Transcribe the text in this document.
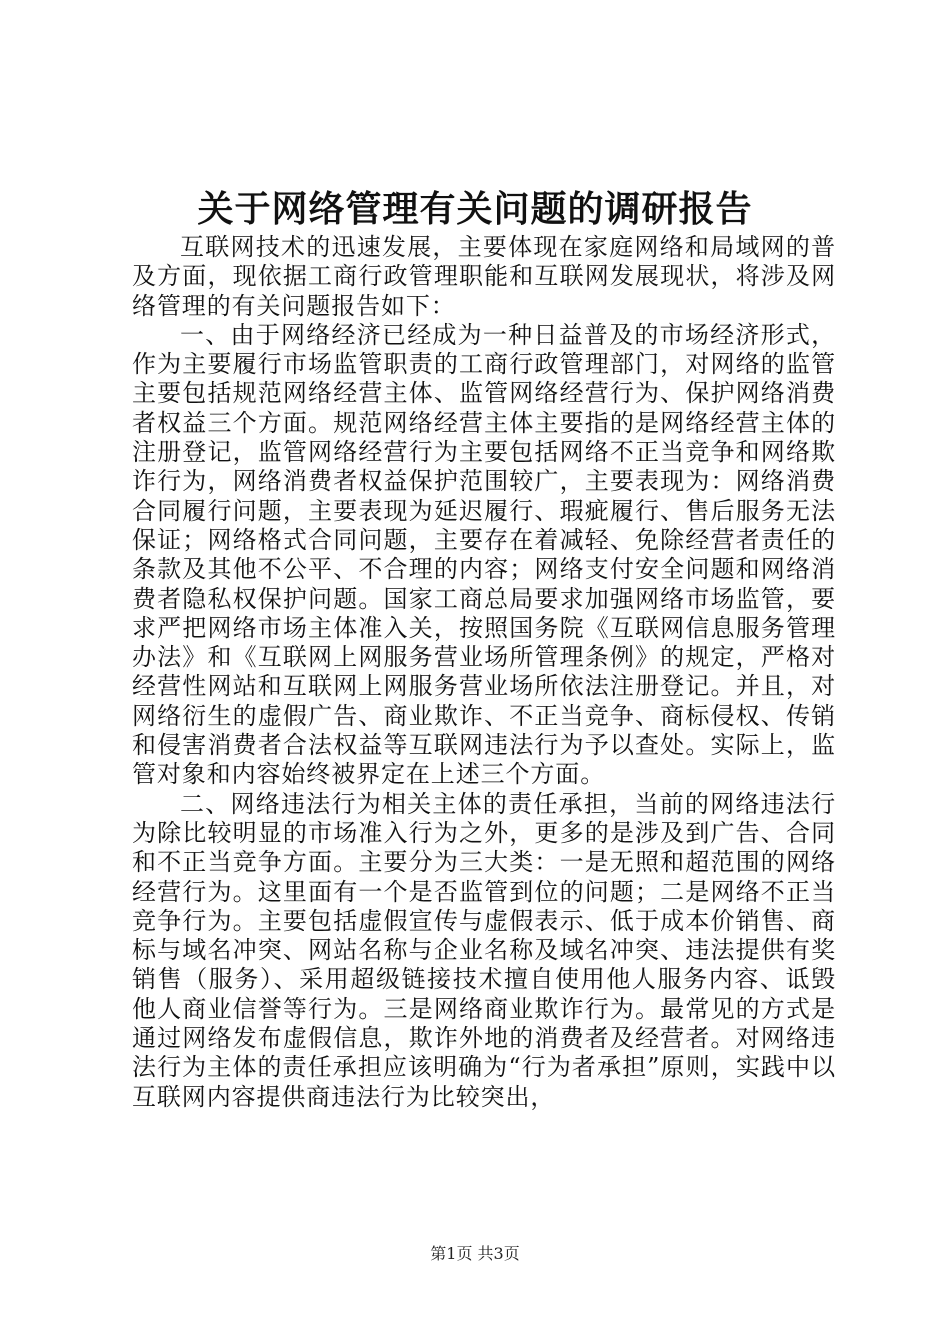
关于网络管理有关问题的调研报告

互联网技术的迅速发展，主要体现在家庭网络和局域网的普及方面，现依据工商行政管理职能和互联网发展现状，将涉及网络管理的有关问题报告如下：

一、由于网络经济已经成为一种日益普及的市场经济形式，作为主要履行市场监管职责的工商行政管理部门，对网络的监管主要包括规范网络经营主体、监管网络经营行为、保护网络消费者权益三个方面。规范网络经营主体主要指的是网络经营主体的注册登记，监管网络经营行为主要包括网络不正当竞争和网络欺诈行为，网络消费者权益保护范围较广，主要表现为：网络消费合同履行问题，主要表现为延迟履行、瑕疵履行、售后服务无法保证；网络格式合同问题，主要存在着减轻、免除经营者责任的条款及其他不公平、不合理的内容；网络支付安全问题和网络消费者隐私权保护问题。国家工商总局要求加强网络市场监管，要求严把网络市场主体准入关，按照国务院《互联网信息服务管理办法》和《互联网上网服务营业场所管理条例》的规定，严格对经营性网站和互联网上网服务营业场所依法注册登记。并且，对网络衍生的虚假广告、商业欺诈、不正当竞争、商标侵权、传销和侵害消费者合法权益等互联网违法行为予以查处。实际上，监管对象和内容始终被界定在上述三个方面。

二、网络违法行为相关主体的责任承担，当前的网络违法行为除比较明显的市场准入行为之外，更多的是涉及到广告、合同和不正当竞争方面。主要分为三大类：一是无照和超范围的网络经营行为。这里面有一个是否监管到位的问题；二是网络不正当竞争行为。主要包括虚假宣传与虚假表示、低于成本价销售、商标与域名冲突、网站名称与企业名称及域名冲突、违法提供有奖销售（服务）、采用超级链接技术擅自使用他人服务内容、诋毁他人商业信誉等行为。三是网络商业欺诈行为。最常见的方式是通过网络发布虚假信息，欺诈外地的消费者及经营者。对网络违法行为主体的责任承担应该明确为“行为者承担”原则，实践中以互联网内容提供商违法行为比较突出，

第1页 共3页
